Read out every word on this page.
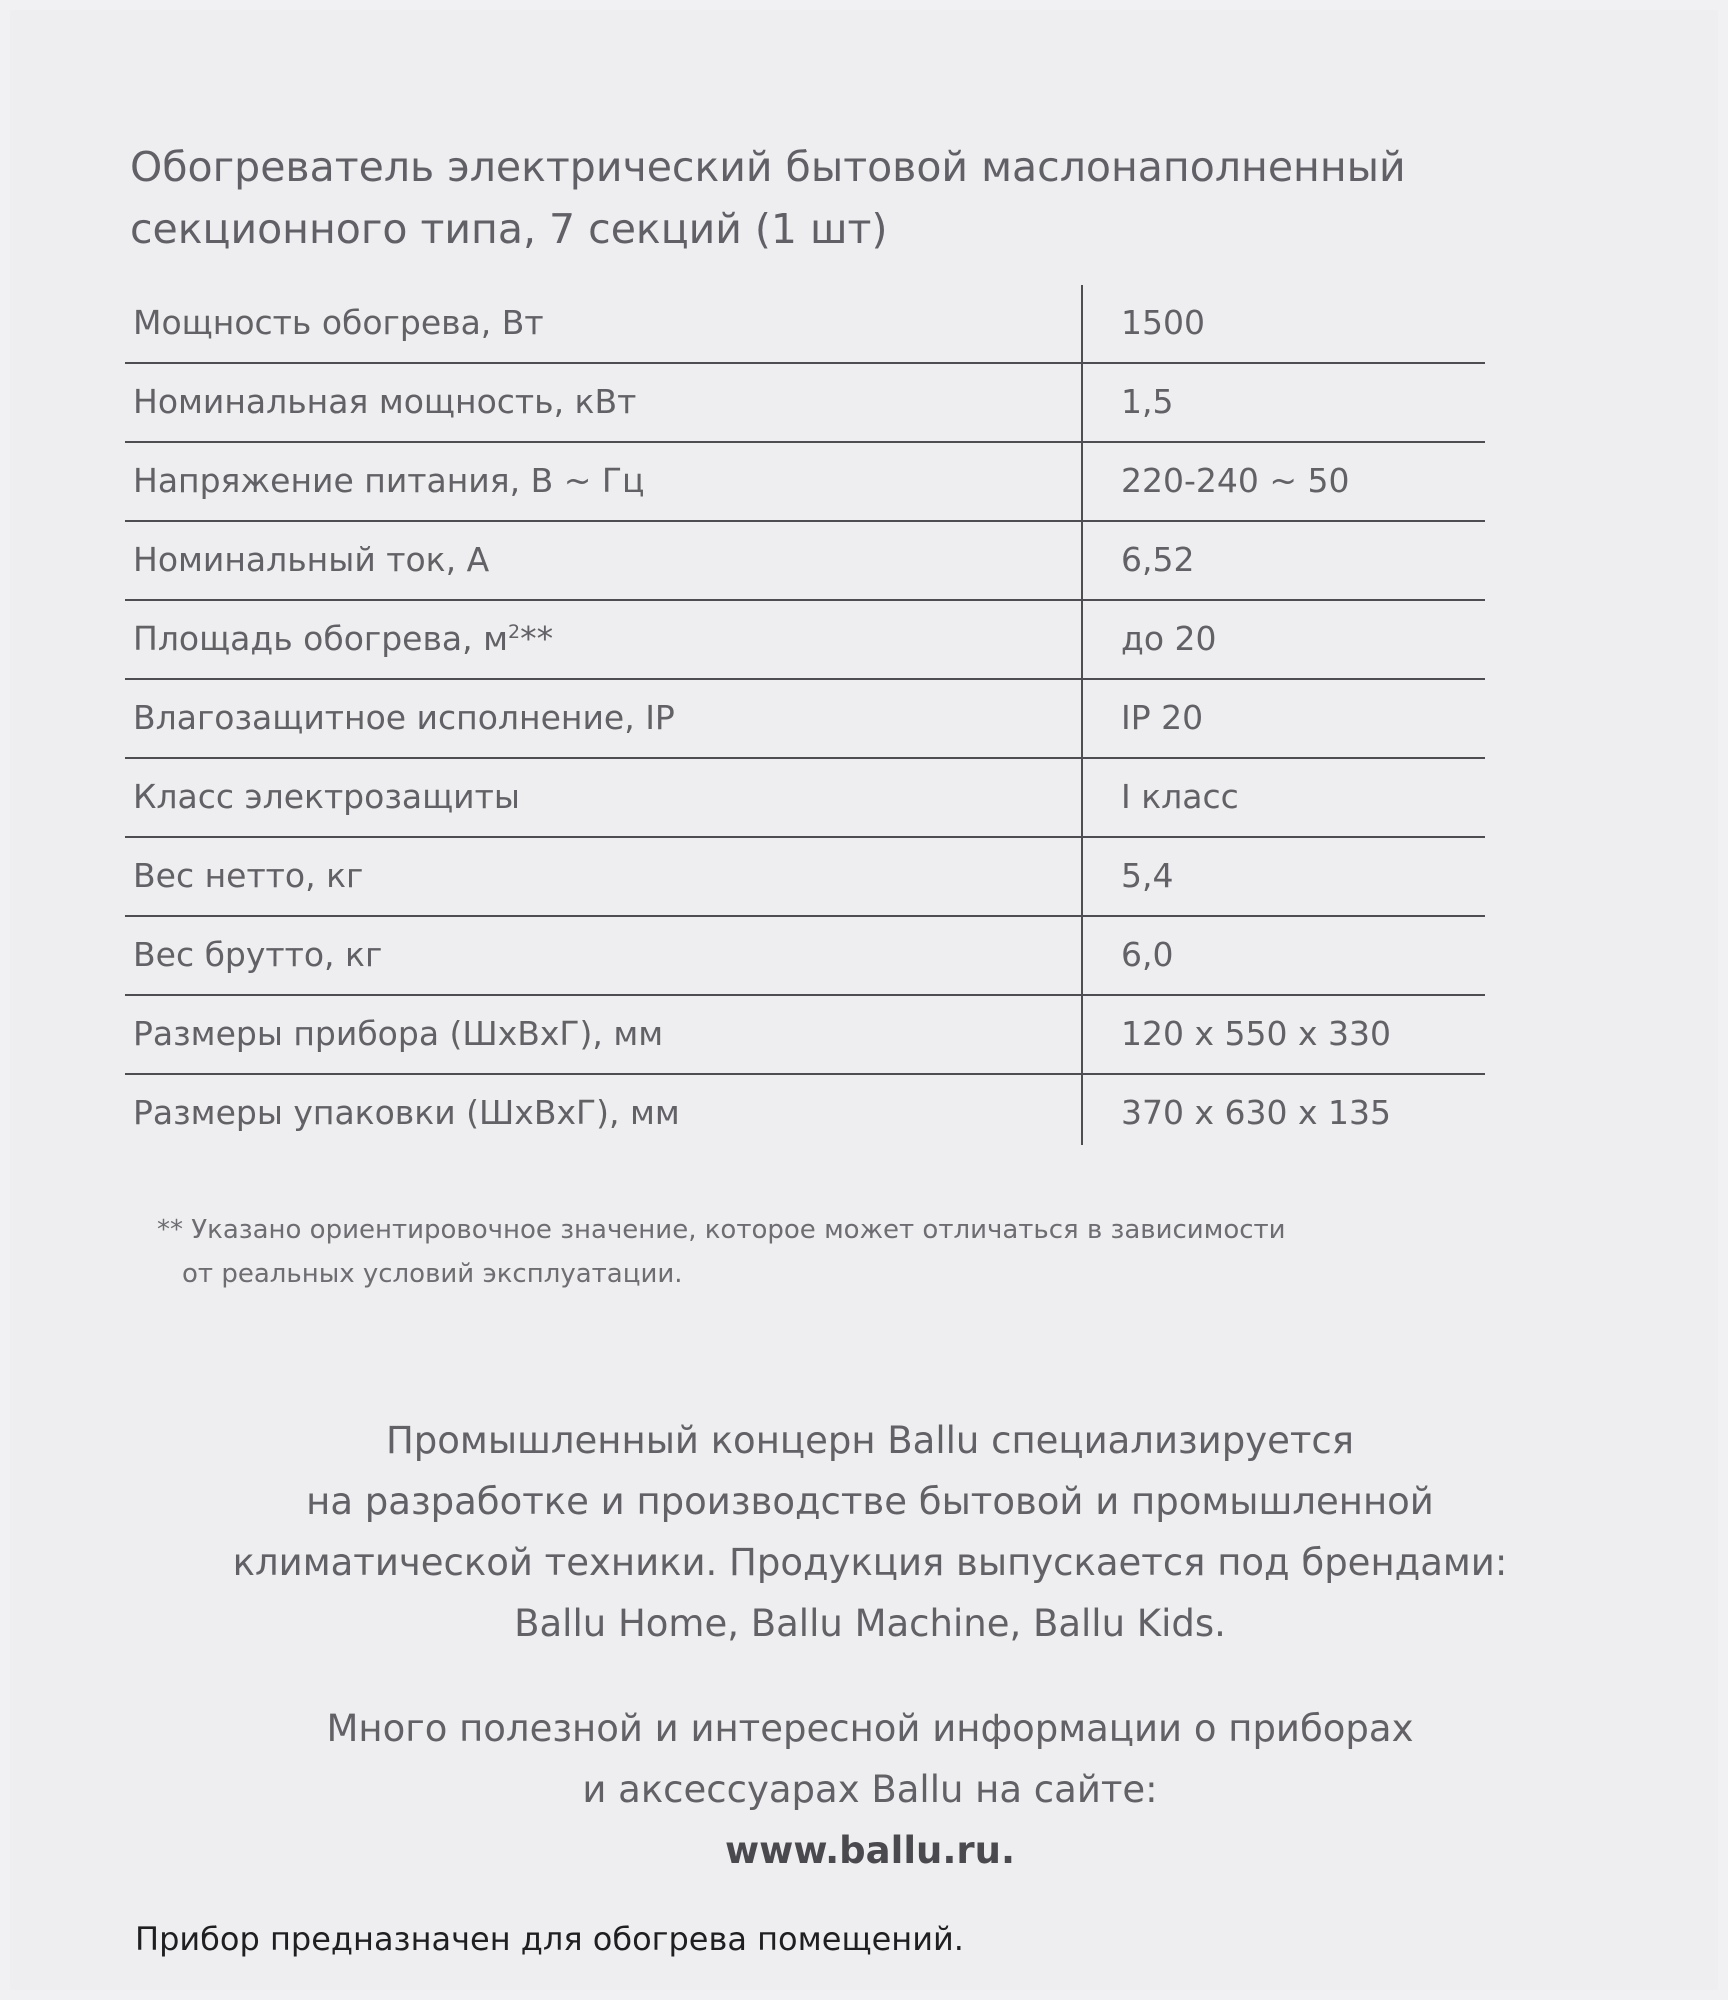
Обогреватель электрический бытовой маслонаполненный
секционного типа, 7 секций (1 шт)
Мощность обогрева, Вт	1500
Номинальная мощность, кВт	1,5
Напряжение питания, В ~ Гц	220-240 ~ 50
Номинальный ток, А	6,52
Площадь обогрева, $м^2**$	до 20
Влагозащитное исполнение, IP	IP 20
Класс электрозащиты	I класс
Вес нетто, кг	5,4
Вес брутто, кг	6,0
Размеры прибора (ШхВхГ), мм	120 х 550 х 330
Размеры упаковки (ШхВхГ), мм	370 х 630 х 135

** Указано ориентировочное значение, которое может отличаться в зависимости
от реальных условий эксплуатации.

Промышленный концерн Ballu специализируется
на разработке и производстве бытовой и промышленной
климатической техники. Продукция выпускается под брендами:
Ballu Home, Ballu Machine, Ballu Kids.

Много полезной и интересной информации о приборах
и аксессуарах Ballu на сайте:
www.ballu.ru.

Прибор предназначен для обогрева помещений.
